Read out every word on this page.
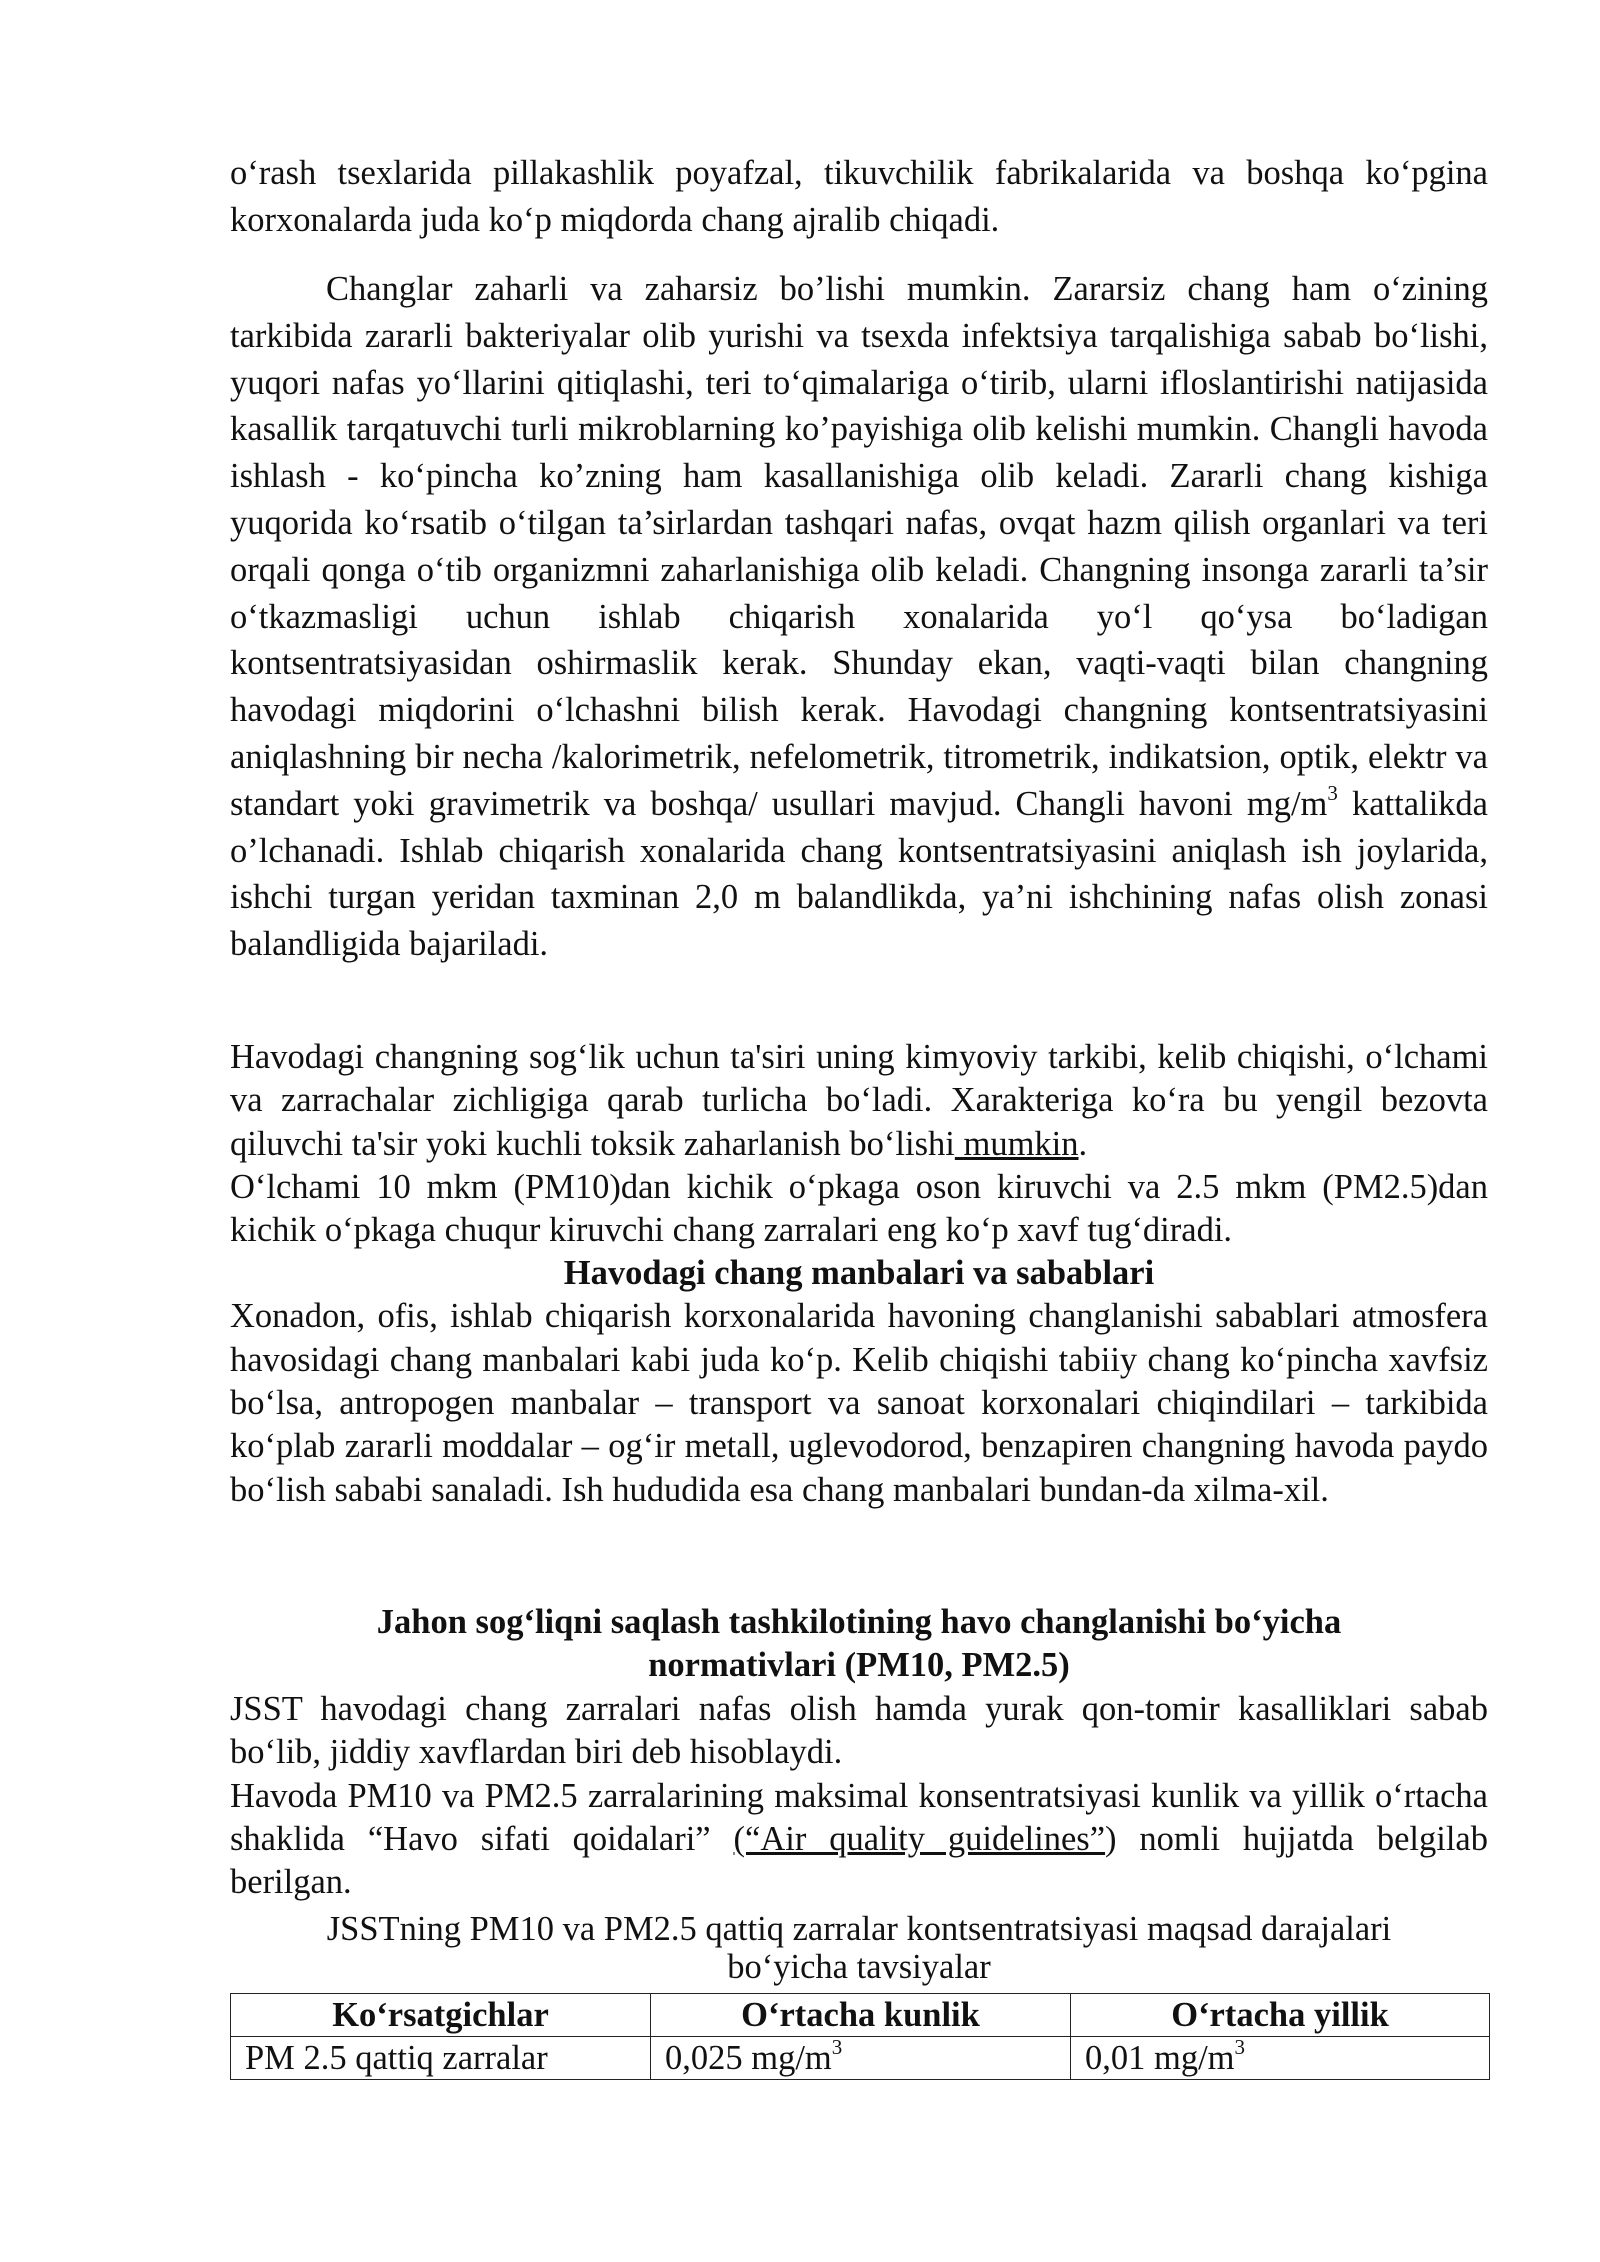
o‘rash tsexlarida pillakashlik poyafzal, tikuvchilik fabrikalarida va boshqa ko‘pgina korxonalarda juda ko‘p miqdorda chang ajralib chiqadi.

Changlar zaharli va zaharsiz bo’lishi mumkin. Zararsiz chang ham o‘zining tarkibida zararli bakteriyalar olib yurishi va tsexda infektsiya tarqalishiga sabab bo‘lishi, yuqori nafas yo‘llarini qitiqlashi, teri to‘qimalariga o‘tirib, ularni ifloslantirishi natijasida kasallik tarqatuvchi turli mikroblarning ko’payishiga olib kelishi mumkin. Changli havoda ishlash - ko‘pincha ko’zning ham kasallanishiga olib keladi. Zararli chang kishiga yuqorida ko‘rsatib o‘tilgan ta’sirlardan tashqari nafas, ovqat hazm qilish organlari va teri orqali qonga o‘tib organizmni zaharlanishiga olib keladi. Changning insonga zararli ta’sir o‘tkazmasligi uchun ishlab chiqarish xonalarida yo‘l qo‘ysa bo‘ladigan kontsentratsiyasidan oshirmaslik kerak. Shunday ekan, vaqti-vaqti bilan changning havodagi miqdorini o‘lchashni bilish kerak. Havodagi changning kontsentratsiyasini aniqlashning bir necha /kalorimetrik, nefelometrik, titrometrik, indikatsion, optik, elektr va standart yoki gravimetrik va boshqa/ usullari mavjud. Changli havoni $mg/m^3$ kattalikda o’lchanadi. Ishlab chiqarish xonalarida chang kontsentratsiyasini aniqlash ish joylarida, ishchi turgan yeridan taxminan 2,0 m balandlikda, ya’ni ishchining nafas olish zonasi balandligida bajariladi.

Havodagi changning sog‘lik uchun ta'siri uning kimyoviy tarkibi, kelib chiqishi, o‘lchami va zarrachalar zichligiga qarab turlicha bo‘ladi. Xarakteriga ko‘ra bu yengil bezovta qiluvchi ta'sir yoki kuchli toksik zaharlanish bo‘lishi mumkin.

O‘lchami 10 mkm (PM10)dan kichik o‘pkaga oson kiruvchi va 2.5 mkm (PM2.5)dan kichik o‘pkaga chuqur kiruvchi chang zarralari eng ko‘p xavf tug‘diradi.

Havodagi chang manbalari va sabablari

Xonadon, ofis, ishlab chiqarish korxonalarida havoning changlanishi sabablari atmosfera havosidagi chang manbalari kabi juda ko‘p. Kelib chiqishi tabiiy chang ko‘pincha xavfsiz bo‘lsa, antropogen manbalar – transport va sanoat korxonalari chiqindilari – tarkibida ko‘plab zararli moddalar – og‘ir metall, uglevodorod, benzapiren changning havoda paydo bo‘lish sababi sanaladi. Ish hududida esa chang manbalari bundan-da xilma-xil.

Jahon sog‘liqni saqlash tashkilotining havo changlanishi bo‘yicha

normativlari (PM10, PM2.5)

JSST havodagi chang zarralari nafas olish hamda yurak qon-tomir kasalliklari sabab bo‘lib, jiddiy xavflardan biri deb hisoblaydi.

Havoda PM10 va PM2.5 zarralarining maksimal konsentratsiyasi kunlik va yillik o‘rtacha shaklida “Havo sifati qoidalari” (“Air quality guidelines”) nomli hujjatda belgilab berilgan.

JSSTning PM10 va PM2.5 qattiq zarralar kontsentratsiyasi maqsad darajalari

bo‘yicha tavsiyalar

Ko‘rsatgichlar	O‘rtacha kunlik	O‘rtacha yillik
PM 2.5 qattiq zarralar	0,025 $mg/m^3$	0,01 $mg/m^3$
